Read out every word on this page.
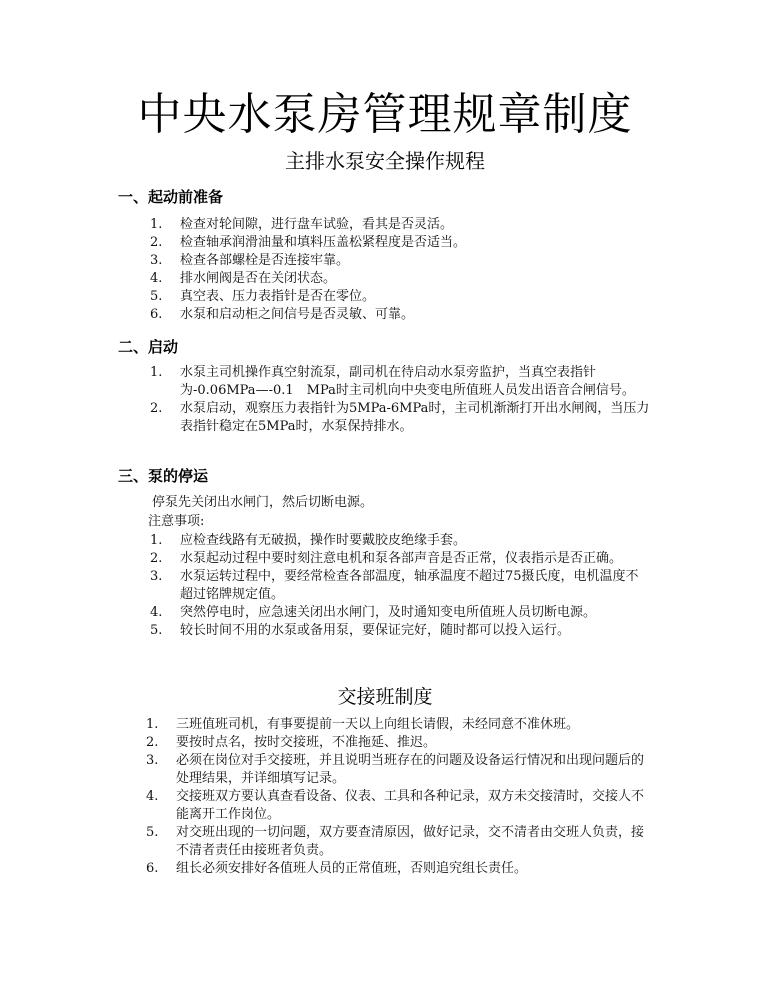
中央水泵房管理规章制度
主排水泵安全操作规程
一、起动前准备
1.	检查对轮间隙，进行盘车试验，看其是否灵活。
2.	检查轴承润滑油量和填料压盖松紧程度是否适当。
3.	检查各部螺栓是否连接牢靠。
4.	排水闸阀是否在关闭状态。
5.	真空表、压力表指针是否在零位。
6.	水泵和启动柜之间信号是否灵敏、可靠。
二、启动
1.	水泵主司机操作真空射流泵，副司机在待启动水泵旁监护，当真空表指针为-0.06MPa—-0.1　MPa时主司机向中央变电所值班人员发出语音合闸信号。
2.	水泵启动，观察压力表指针为5MPa-6MPa时，主司机渐渐打开出水闸阀，当压力表指针稳定在5MPa时，水泵保持排水。
三、泵的停运
停泵先关闭出水闸门，然后切断电源。
注意事项:
1.	应检查线路有无破损，操作时要戴胶皮绝缘手套。
2.	水泵起动过程中要时刻注意电机和泵各部声音是否正常，仪表指示是否正确。
3.	水泵运转过程中，要经常检查各部温度，轴承温度不超过75摄氏度，电机温度不超过铭牌规定值。
4.	突然停电时，应急速关闭出水闸门，及时通知变电所值班人员切断电源。
5.	较长时间不用的水泵或备用泵，要保证完好，随时都可以投入运行。
交接班制度
1.	三班值班司机，有事要提前一天以上向组长请假，未经同意不准休班。
2.	要按时点名，按时交接班，不准拖延、推迟。
3.	必须在岗位对手交接班，并且说明当班存在的问题及设备运行情况和出现问题后的处理结果，并详细填写记录。
4.	交接班双方要认真查看设备、仪表、工具和各种记录，双方未交接清时，交接人不能离开工作岗位。
5.	对交班出现的一切问题，双方要查清原因，做好记录，交不清者由交班人负责，接不清者责任由接班者负责。
6.	组长必须安排好各值班人员的正常值班，否则追究组长责任。
